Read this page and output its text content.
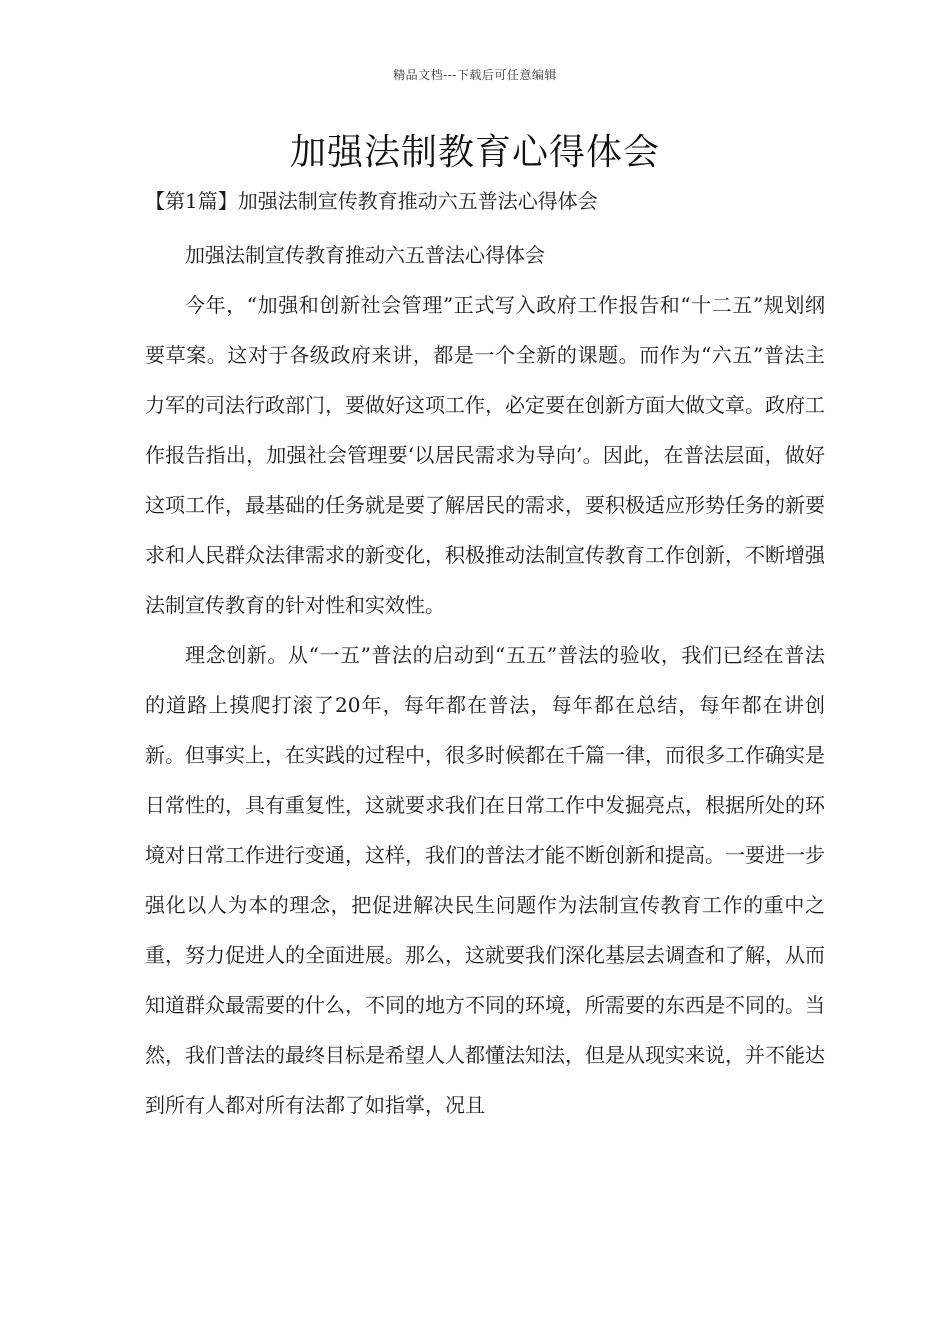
精品文档---下载后可任意编辑
加强法制教育心得体会
【第1篇】加强法制宣传教育推动六五普法心得体会

加强法制宣传教育推动六五普法心得体会

今年，“加强和创新社会管理”正式写入政府工作报告和“十二五”规划纲要草案。这对于各级政府来讲，都是一个全新的课题。而作为“六五”普法主力军的司法行政部门，要做好这项工作，必定要在创新方面大做文章。政府工作报告指出，加强社会管理要‘以居民需求为导向’。因此，在普法层面，做好这项工作，最基础的任务就是要了解居民的需求，要积极适应形势任务的新要求和人民群众法律需求的新变化，积极推动法制宣传教育工作创新，不断增强法制宣传教育的针对性和实效性。

理念创新。从“一五”普法的启动到“五五”普法的验收，我们已经在普法的道路上摸爬打滚了20年，每年都在普法，每年都在总结，每年都在讲创新。但事实上，在实践的过程中，很多时候都在千篇一律，而很多工作确实是日常性的，具有重复性，这就要求我们在日常工作中发掘亮点，根据所处的环境对日常工作进行变通，这样，我们的普法才能不断创新和提高。一要进一步强化以人为本的理念，把促进解决民生问题作为法制宣传教育工作的重中之重，努力促进人的全面进展。那么，这就要我们深化基层去调查和了解，从而知道群众最需要的什么，不同的地方不同的环境，所需要的东西是不同的。当然，我们普法的最终目标是希望人人都懂法知法，但是从现实来说，并不能达到所有人都对所有法都了如指掌，况且
